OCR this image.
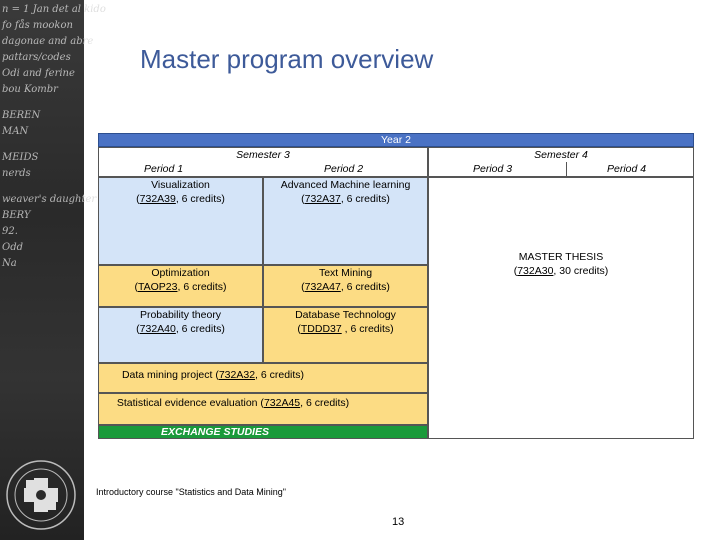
n = 1 Jan det al kido
fo fås mookon
dagonae and abre
pattars/codes
Odi and ferine
bou Kombr
BEREN
MAN
MEIDS
nerds
weaver's daughter
BERY
92.
Odd
Na
Master program overview
Year 2
Semester 3
Period 1	Period 2
Semester 4
Period 3	Period 4
Visualization
(732A39, 6 credits)
Advanced Machine learning
(732A37, 6 credits)
Optimization
(TAOP23, 6 credits)
Text Mining
(732A47, 6 credits)
Probability theory
(732A40, 6 credits)
Database Technology
(TDDD37 , 6 credits)
MASTER THESIS
(732A30, 30 credits)
Data mining project (732A32, 6 credits)
Statistical evidence evaluation (732A45, 6 credits)
EXCHANGE STUDIES
Introductory course "Statistics and Data Mining"
13
